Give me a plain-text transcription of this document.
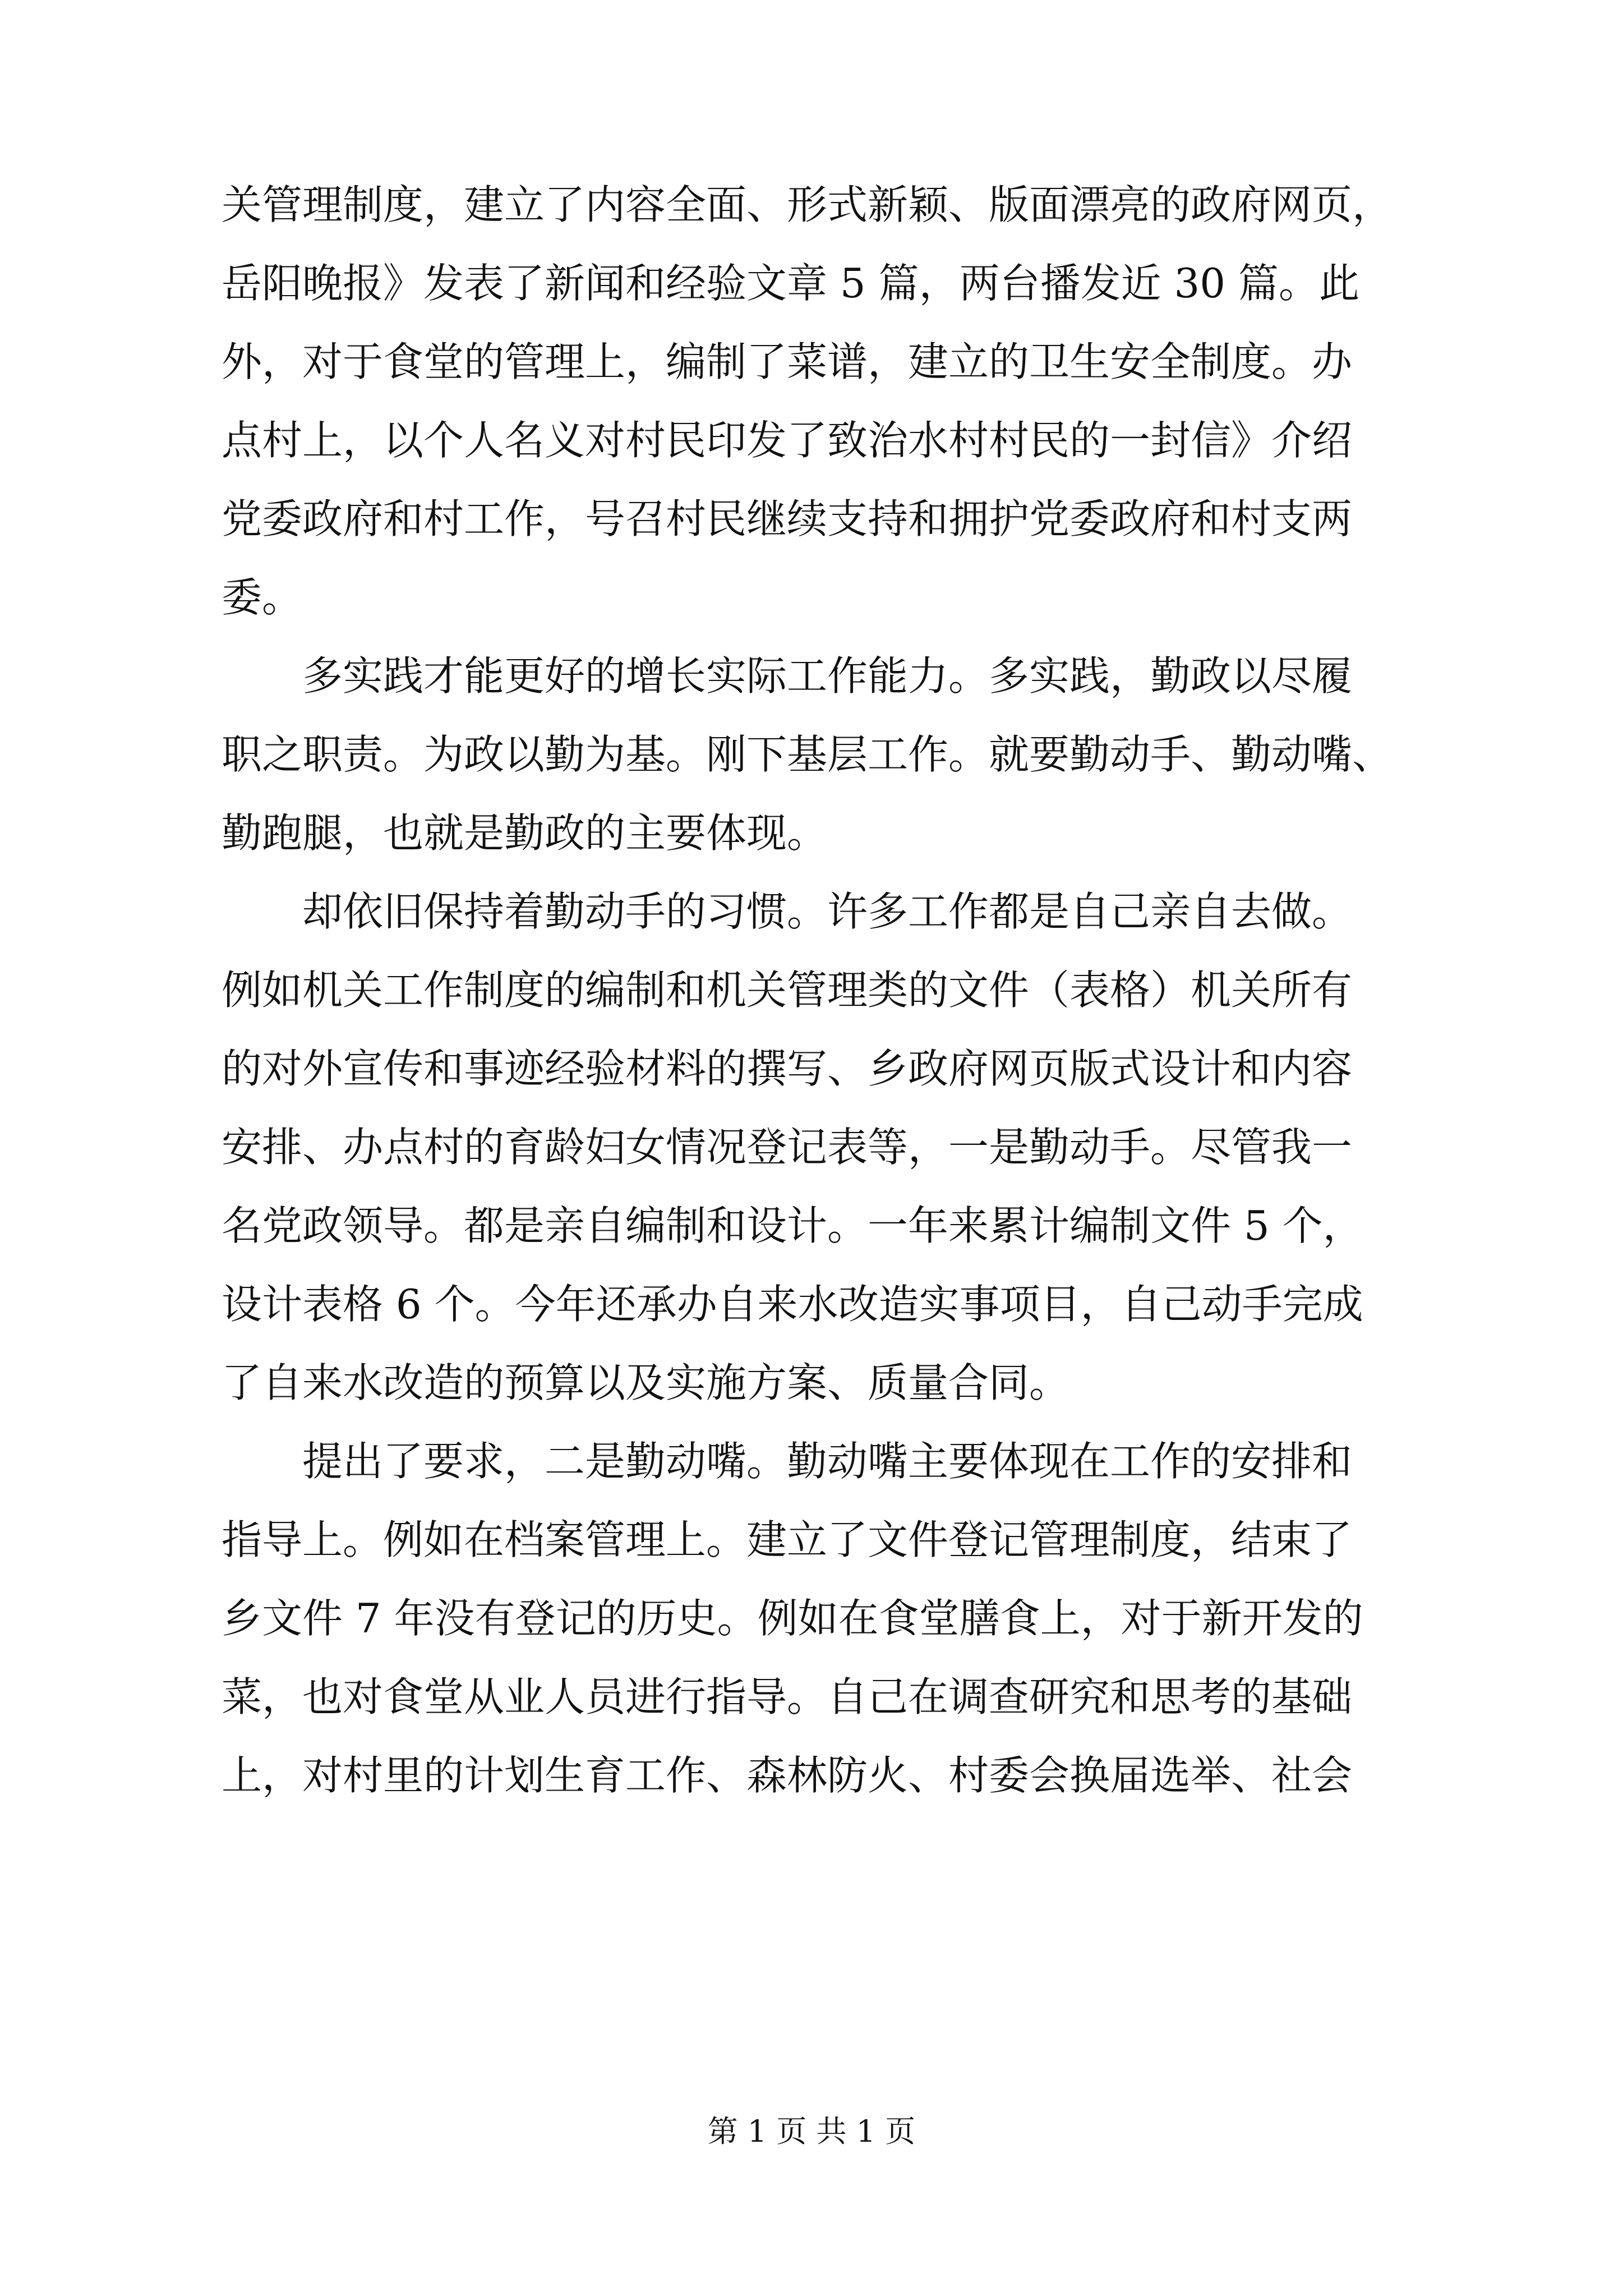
关管理制度，建立了内容全面、形式新颖、版面漂亮的政府网页，
岳阳晚报》发表了新闻和经验文章 5 篇，两台播发近 30 篇。此
外，对于食堂的管理上，编制了菜谱，建立的卫生安全制度。办
点村上，以个人名义对村民印发了致治水村村民的一封信》介绍
党委政府和村工作，号召村民继续支持和拥护党委政府和村支两
委。
多实践才能更好的增长实际工作能力。多实践，勤政以尽履
职之职责。为政以勤为基。刚下基层工作。就要勤动手、勤动嘴、
勤跑腿，也就是勤政的主要体现。
却依旧保持着勤动手的习惯。许多工作都是自己亲自去做。
例如机关工作制度的编制和机关管理类的文件（表格）机关所有
的对外宣传和事迹经验材料的撰写、乡政府网页版式设计和内容
安排、办点村的育龄妇女情况登记表等，一是勤动手。尽管我一
名党政领导。都是亲自编制和设计。一年来累计编制文件 5 个，
设计表格 6 个。今年还承办自来水改造实事项目，自己动手完成
了自来水改造的预算以及实施方案、质量合同。
提出了要求，二是勤动嘴。勤动嘴主要体现在工作的安排和
指导上。例如在档案管理上。建立了文件登记管理制度，结束了
乡文件 7 年没有登记的历史。例如在食堂膳食上，对于新开发的
菜，也对食堂从业人员进行指导。自己在调查研究和思考的基础
上，对村里的计划生育工作、森林防火、村委会换届选举、社会
第 1 页 共 1 页
